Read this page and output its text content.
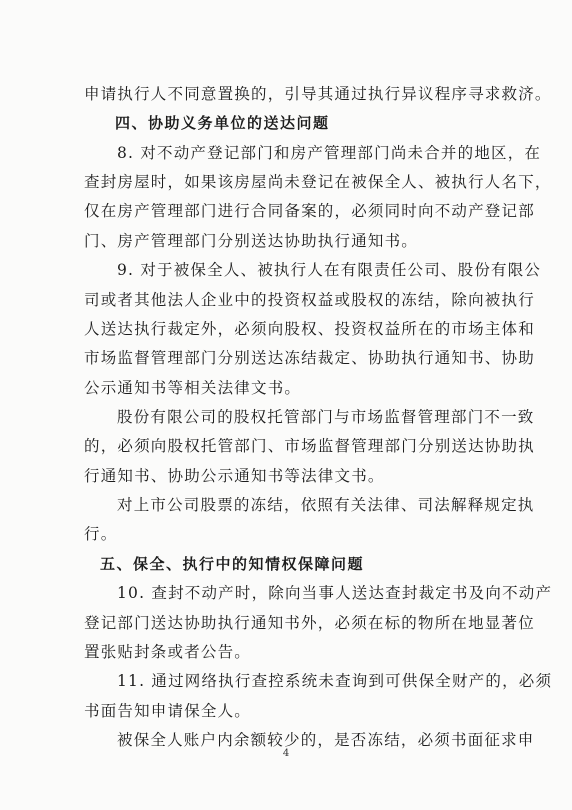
申请执行人不同意置换的，引导其通过执行异议程序寻求救济。
四、协助义务单位的送达问题
8. 对不动产登记部门和房产管理部门尚未合并的地区，在
查封房屋时，如果该房屋尚未登记在被保全人、被执行人名下，
仅在房产管理部门进行合同备案的，必须同时向不动产登记部
门、房产管理部门分别送达协助执行通知书。
9. 对于被保全人、被执行人在有限责任公司、股份有限公
司或者其他法人企业中的投资权益或股权的冻结，除向被执行
人送达执行裁定外，必须向股权、投资权益所在的市场主体和
市场监督管理部门分别送达冻结裁定、协助执行通知书、协助
公示通知书等相关法律文书。
股份有限公司的股权托管部门与市场监督管理部门不一致
的，必须向股权托管部门、市场监督管理部门分别送达协助执
行通知书、协助公示通知书等法律文书。
对上市公司股票的冻结，依照有关法律、司法解释规定执
行。
五、保全、执行中的知情权保障问题
10. 查封不动产时，除向当事人送达查封裁定书及向不动产
登记部门送达协助执行通知书外，必须在标的物所在地显著位
置张贴封条或者公告。
11. 通过网络执行查控系统未查询到可供保全财产的，必须
书面告知申请保全人。
被保全人账户内余额较少的，是否冻结，必须书面征求申
4
